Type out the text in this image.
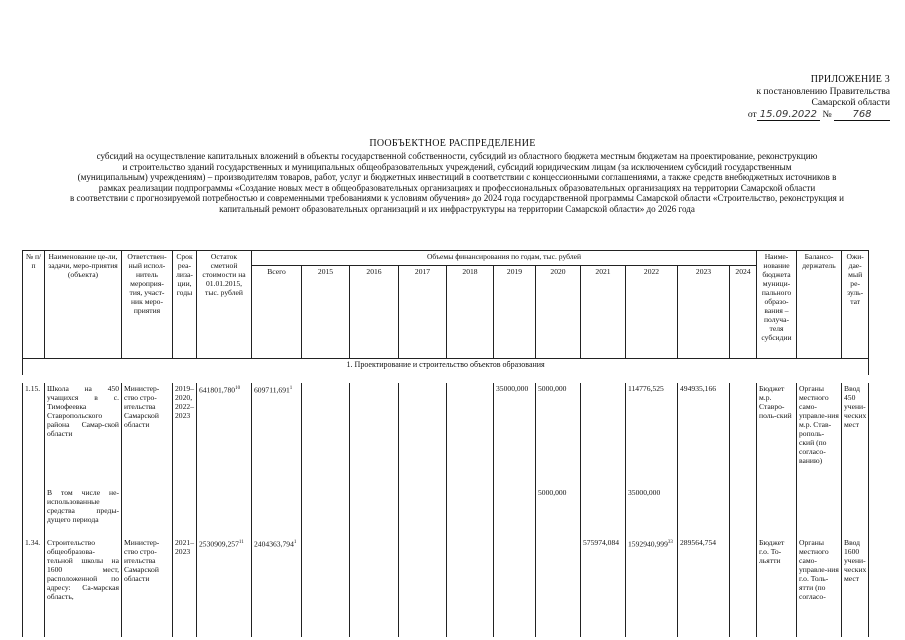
ПРИЛОЖЕНИЕ 3
к постановлению Правительства
Самарской области
от 15.09.2022 № 768
ПООБЪЕКТНОЕ РАСПРЕДЕЛЕНИЕ
субсидий на осуществление капитальных вложений в объекты государственной собственности, субсидий из областного бюджета местным бюджетам на проектирование, реконструкцию
и строительство зданий государственных и муниципальных общеобразовательных учреждений, субсидий юридическим лицам (за исключением субсидий государственным
(муниципальным) учреждениям) – производителям товаров, работ, услуг и бюджетных инвестиций в соответствии с концессионными соглашениями, а также средств внебюджетных источников в
рамках реализации подпрограммы «Создание новых мест в общеобразовательных организациях и профессиональных образовательных организациях на территории Самарской области
в соответствии с прогнозируемой потребностью и современными требованиями к условиям обучения» до 2024 года государственной программы Самарской области «Строительство, реконструкция и
капитальный ремонт образовательных организаций и их инфраструктуры на территории Самарской области» до 2026 года
№ п/п	Наименование це-ли, задачи, меро-приятия (объекта)	Ответствен-ный испол-нитель мероприя-тия, участ-ник меро-приятия	Срок реа-лиза-ции, годы	Остаток сметной стоимости на 01.01.2015, тыс. рублей	Объемы финансирования по годам, тыс. рублей											Наиме-нование бюджета муници-пального образо-вания – получа-теля субсидии	Балансо-держатель	Ожи-дае-мый ре-зуль-тат
					Всего	2015	2016	2017	2018	2019	2020	2021	2022	2023	2024			
1. Проектирование и строительство объектов образования																		

1.15.	Школа на 450 учащихся в с. Тимофеевка Ставропольского района Самар-ской области	Министер-ство стро-ительства Самарской области	2019–2020, 2022–2023	641801,780$^{10}$	609711,691$^1$					35000,000	5000,000		114776,525	494935,166		Бюджет м.р. Ставро-поль-ский	Органы местного само-управле-ния м.р. Став-рополь-ский (по согласо-ванию)	Ввод 450 учени-ческих мест
	В том числе не-использованные средства преды-дущего периода										5000,000		35000,000					
1.34.	Строительство общеобразова-тельной школы на 1600 мест, расположенной по адресу: Са-марская область,	Министер-ство стро-ительства Самарской области	2021–2023	2530909,257$^{11}$	2404363,794$^1$							575974,084	1592940,999$^{33}$	289564,754		Бюджет г.о. То-льятти	Органы местного само-управле-ния г.о. Толь-ятти (по согласо-	Ввод 1600 учени-ческих мест
